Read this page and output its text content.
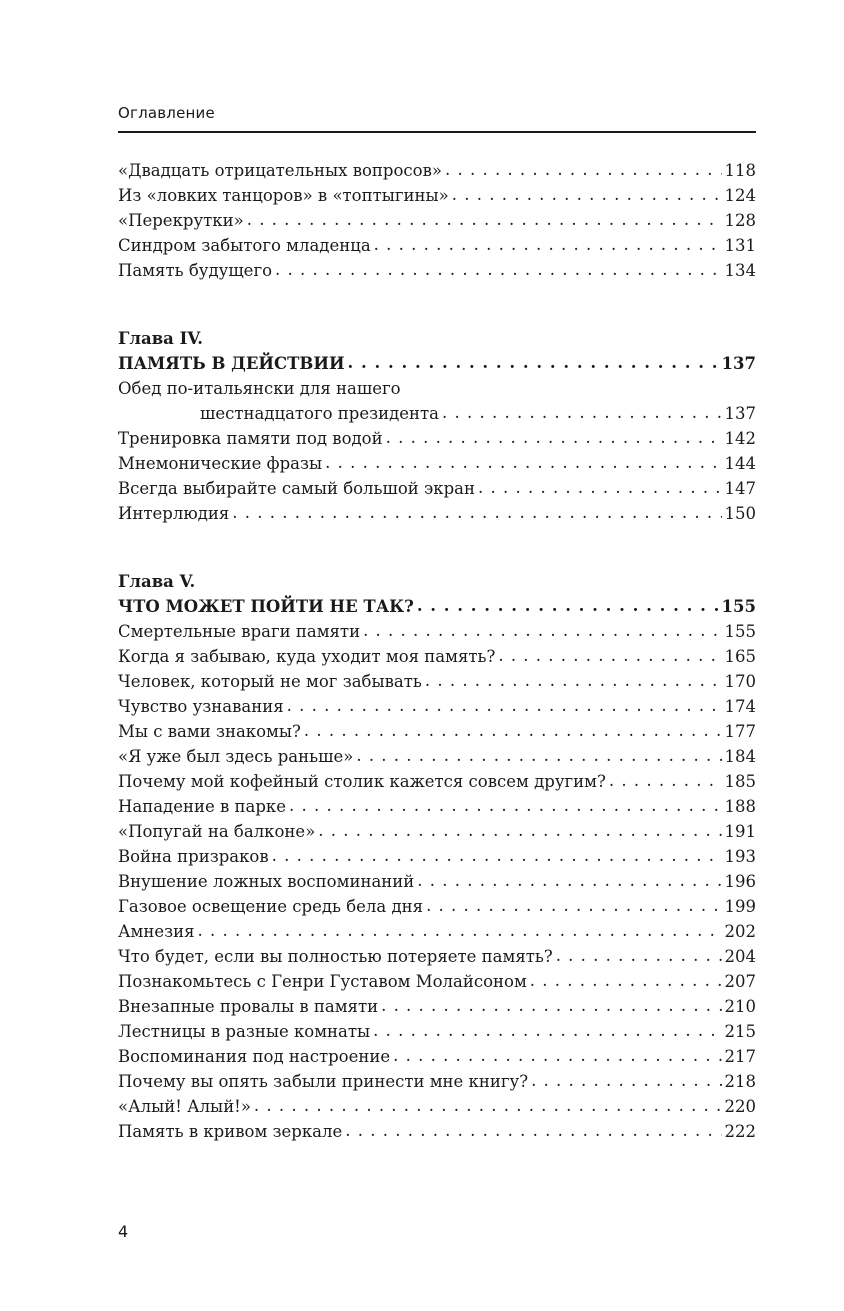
Оглавление
«Двадцать отрицательных вопросов» . . .	118
Из «ловких танцоров» в «топтыгины» . . .	124
«Перекрутки» . . .	128
Синдром забытого младенца . . .	131
Память будущего . . .	134
Глава IV.
ПАМЯТЬ В ДЕЙСТВИИ . . .	137
Обед по-итальянски для нашего
шестнадцатого президента . . .	137
Тренировка памяти под водой . . .	142
Мнемонические фразы . . .	144
Всегда выбирайте самый большой экран . . .	147
Интерлюдия . . .	150
Глава V.
ЧТО МОЖЕТ ПОЙТИ НЕ ТАК? . . .	155
Смертельные враги памяти . . .	155
Когда я забываю, куда уходит моя память? . . .	165
Человек, который не мог забывать . . .	170
Чувство узнавания . . .	174
Мы с вами знакомы? . . .	177
«Я уже был здесь раньше» . . .	184
Почему мой кофейный столик кажется совсем другим? . . .	185
Нападение в парке . . .	188
«Попугай на балконе» . . .	191
Война призраков . . .	193
Внушение ложных воспоминаний . . .	196
Газовое освещение средь бела дня . . .	199
Амнезия . . .	202
Что будет, если вы полностью потеряете память? . . .	204
Познакомьтесь с Генри Густавом Молайсоном . . .	207
Внезапные провалы в памяти . . .	210
Лестницы в разные комнаты . . .	215
Воспоминания под настроение . . .	217
Почему вы опять забыли принести мне книгу? . . .	218
«Алый! Алый!» . . .	220
Память в кривом зеркале . . .	222
4
